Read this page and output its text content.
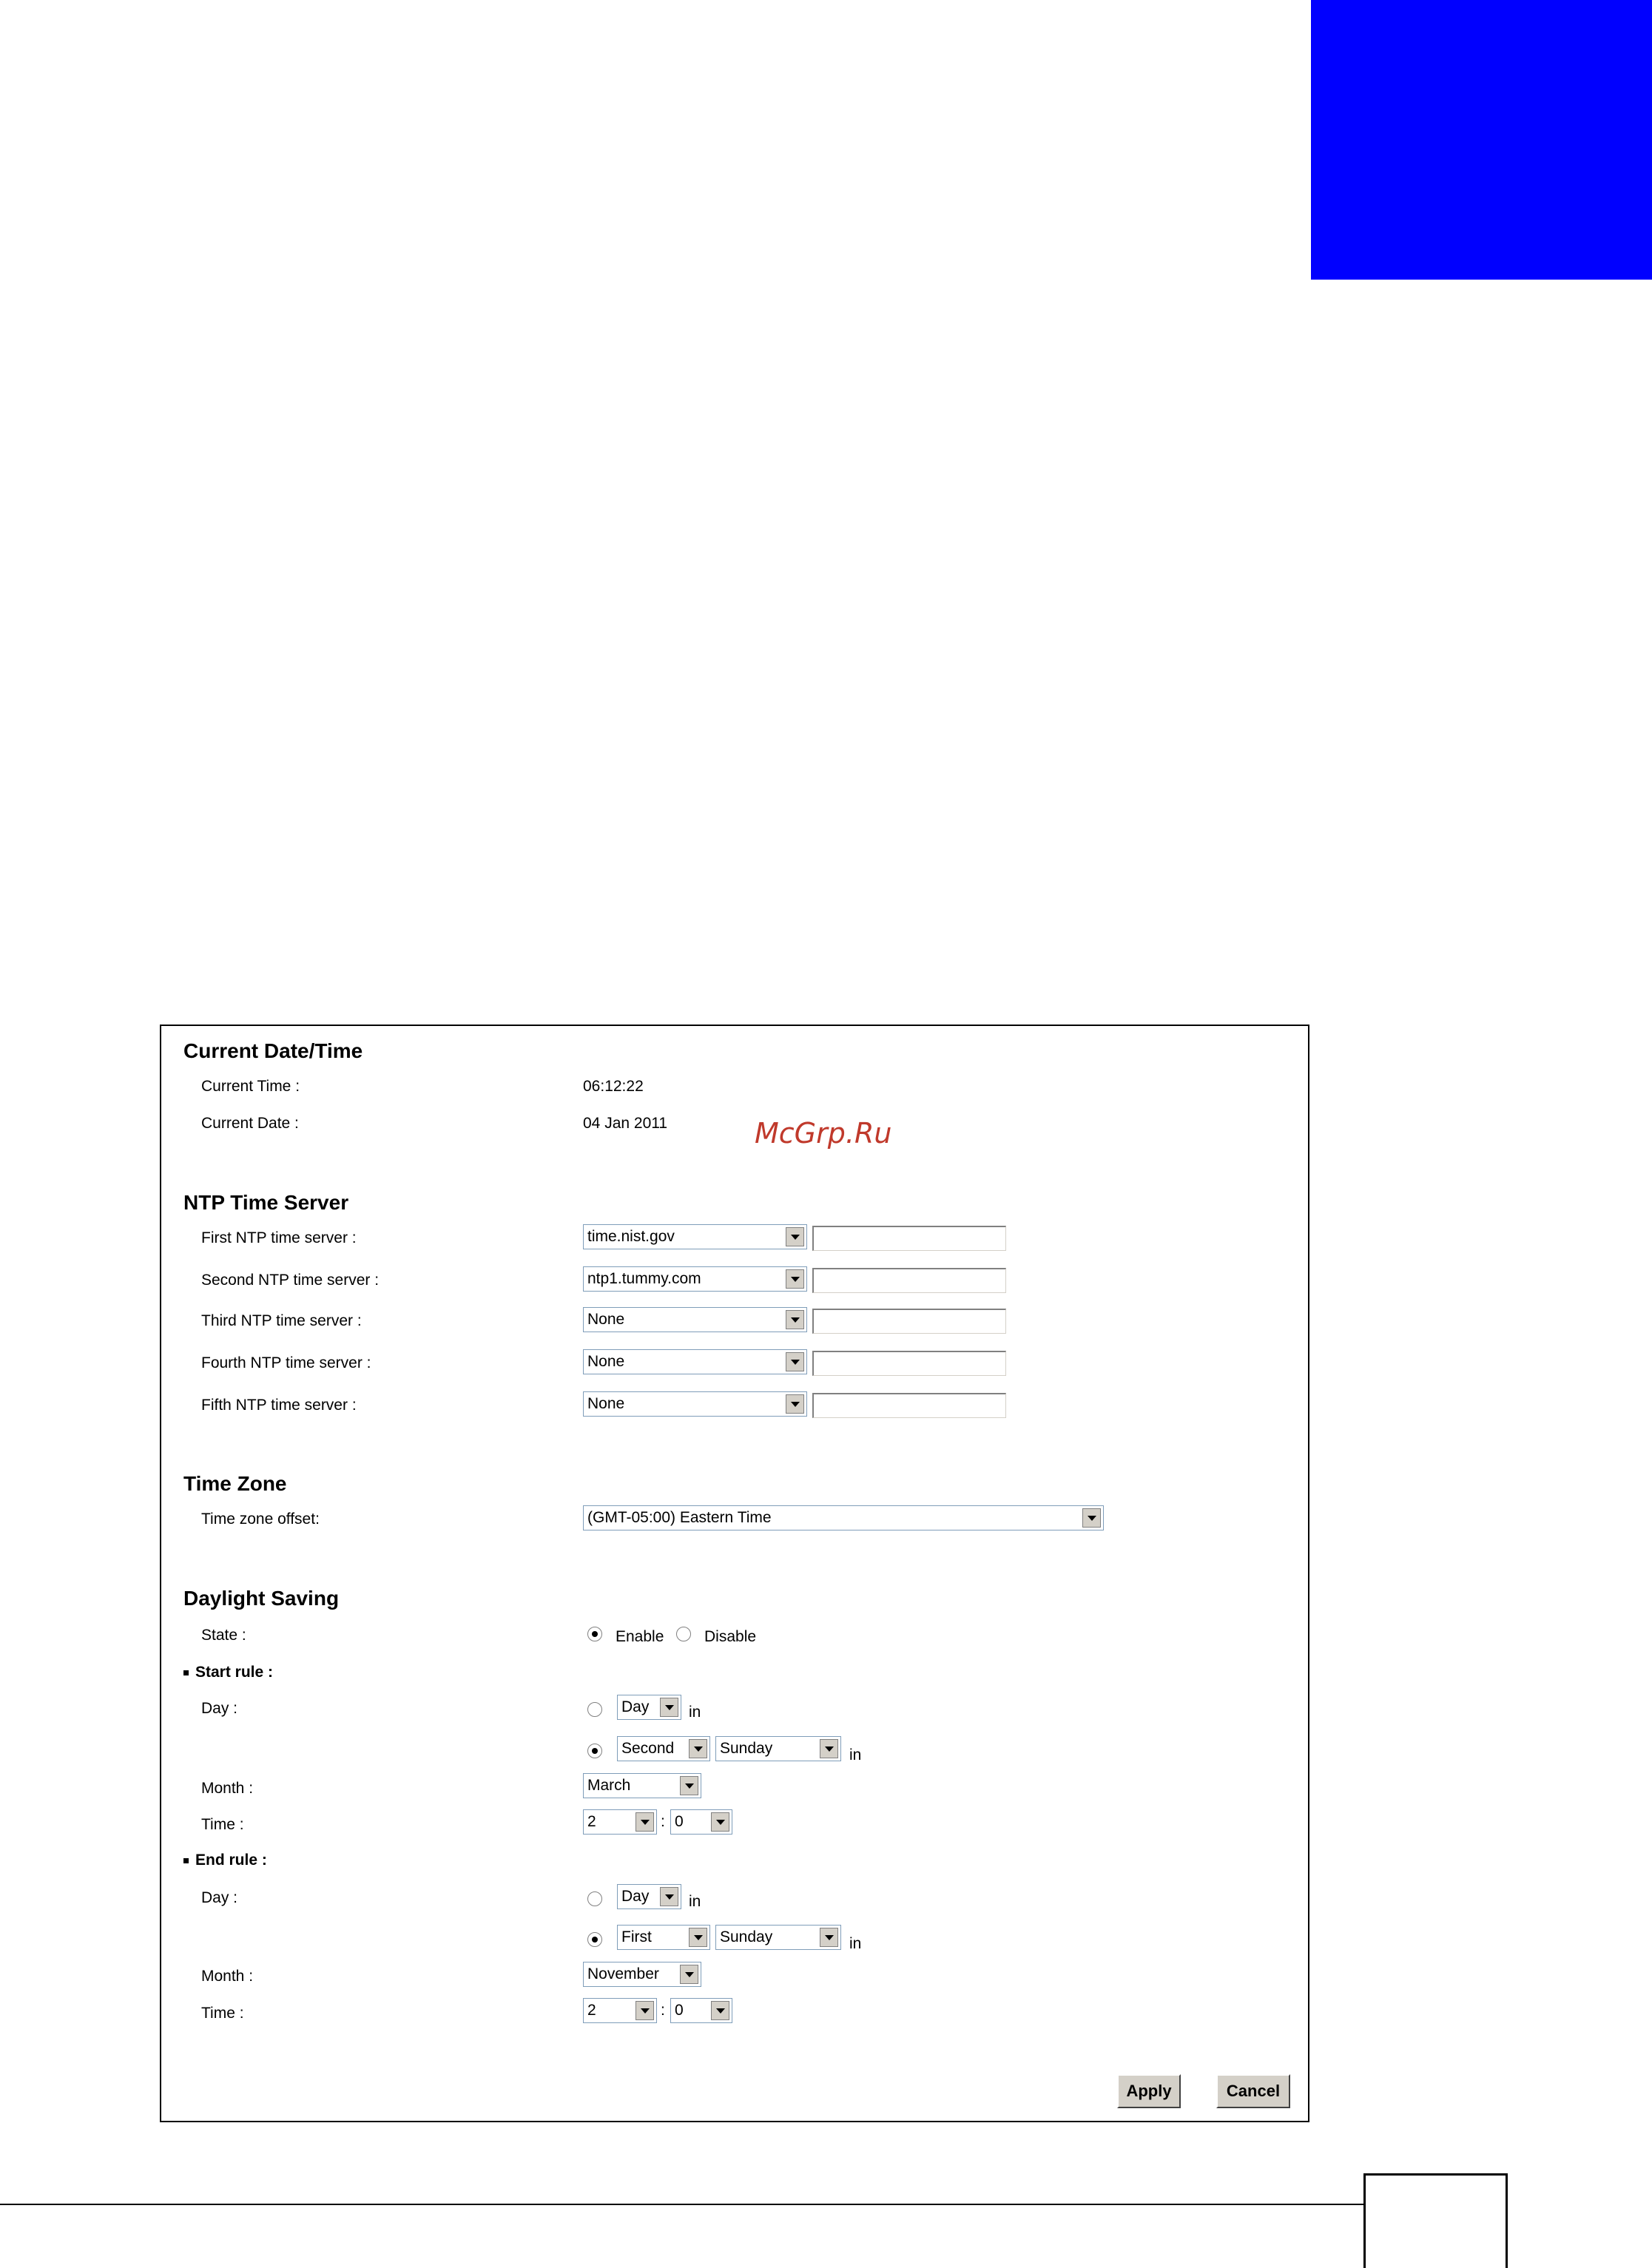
Current Date/Time
Current Time :	06:12:22
Current Date :	04 Jan 2011
NTP Time Server
First NTP time server :	time.nist.gov
Second NTP time server :	ntp1.tummy.com
Third NTP time server :	None
Fourth NTP time server :	None
Fifth NTP time server :	None
Time Zone
Time zone offset:	(GMT-05:00) Eastern Time
Daylight Saving
State :	Enable	Disable
Start rule :
Day :	Day	in
Second	Sunday	in
Month :	March
Time :	2	: 0
End rule :
Day :	Day	in
First	Sunday	in
Month :	November
Time :	2	: 0
Apply	Cancel
McGrp.Ru
